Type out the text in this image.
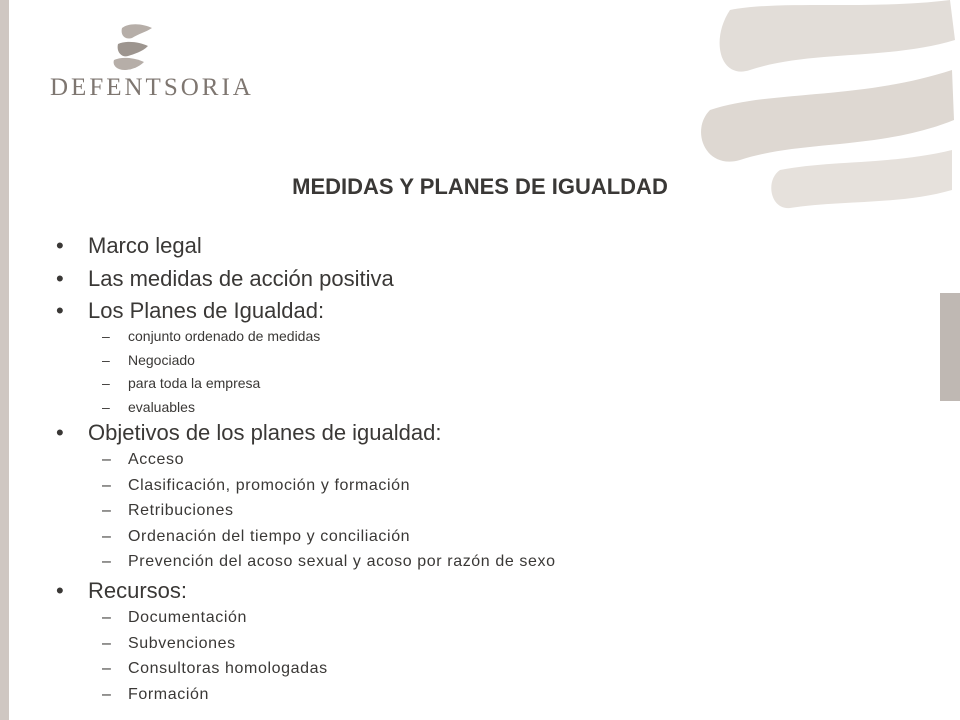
DEFENTSORIA
MEDIDAS Y PLANES DE IGUALDAD
• Marco legal
• Las medidas de acción positiva
• Los Planes de Igualdad:
– conjunto ordenado de medidas
– Negociado
– para toda la empresa
– evaluables
• Objetivos de los planes de igualdad:
– Acceso
– Clasificación, promoción y formación
– Retribuciones
– Ordenación del tiempo y conciliación
– Prevención del acoso sexual y acoso por razón de sexo
• Recursos:
– Documentación
– Subvenciones
– Consultoras homologadas
– Formación
